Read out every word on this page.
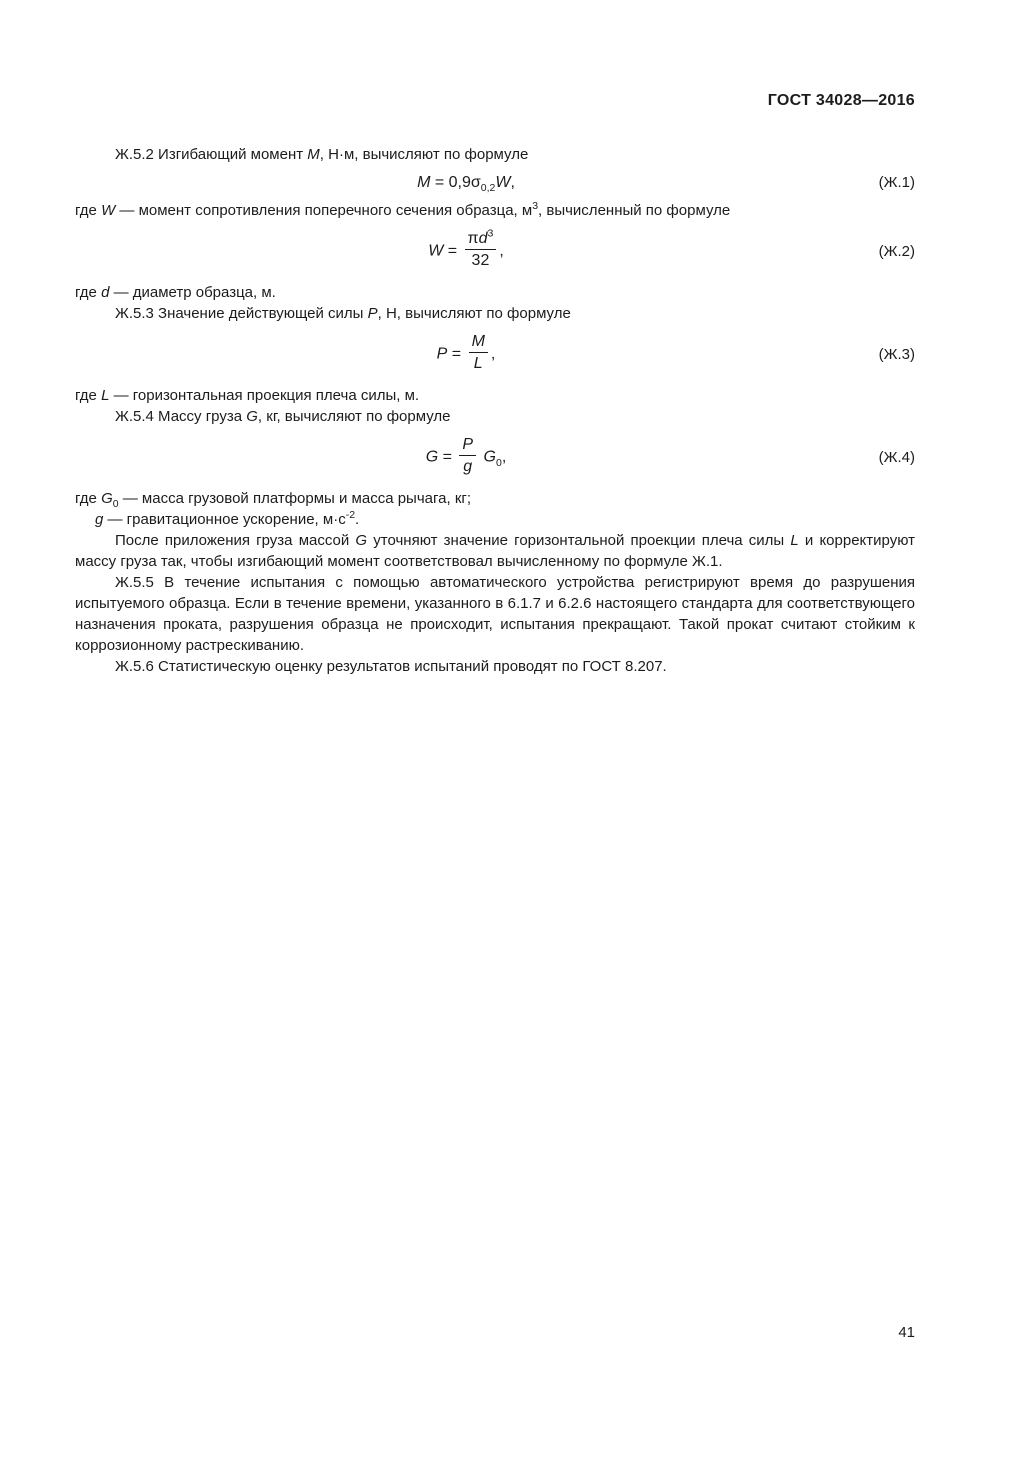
ГОСТ 34028—2016

Ж.5.2 Изгибающий момент M, Н·м, вычисляют по формуле

$M = 0,9\sigma_{0,2}W$,	(Ж.1)

где W — момент сопротивления поперечного сечения образца, $м^3$, вычисленный по формуле

$W = \frac{\pi d^3}{32}$ ,	(Ж.2)

где d — диаметр образца, м.

Ж.5.3 Значение действующей силы P, Н, вычисляют по формуле

$P = \frac{M}{L}$ ,	(Ж.3)

где L — горизонтальная проекция плеча силы, м.

Ж.5.4 Массу груза G, кг, вычисляют по формуле

$G = \frac{P}{g} G_0$,	(Ж.4)

где $G_0$ — масса грузовой платформы и масса рычага, кг;

g — гравитационное ускорение, $м\cdot с^{-2}$.

После приложения груза массой G уточняют значение горизонтальной проекции плеча силы L и корректируют массу груза так, чтобы изгибающий момент соответствовал вычисленному по формуле Ж.1.

Ж.5.5 В течение испытания с помощью автоматического устройства регистрируют время до разрушения испытуемого образца. Если в течение времени, указанного в 6.1.7 и 6.2.6 настоящего стандарта для соответствующего назначения проката, разрушения образца не происходит, испытания прекращают. Такой прокат считают стойким к коррозионному растрескиванию.

Ж.5.6 Статистическую оценку результатов испытаний проводят по ГОСТ 8.207.

41
